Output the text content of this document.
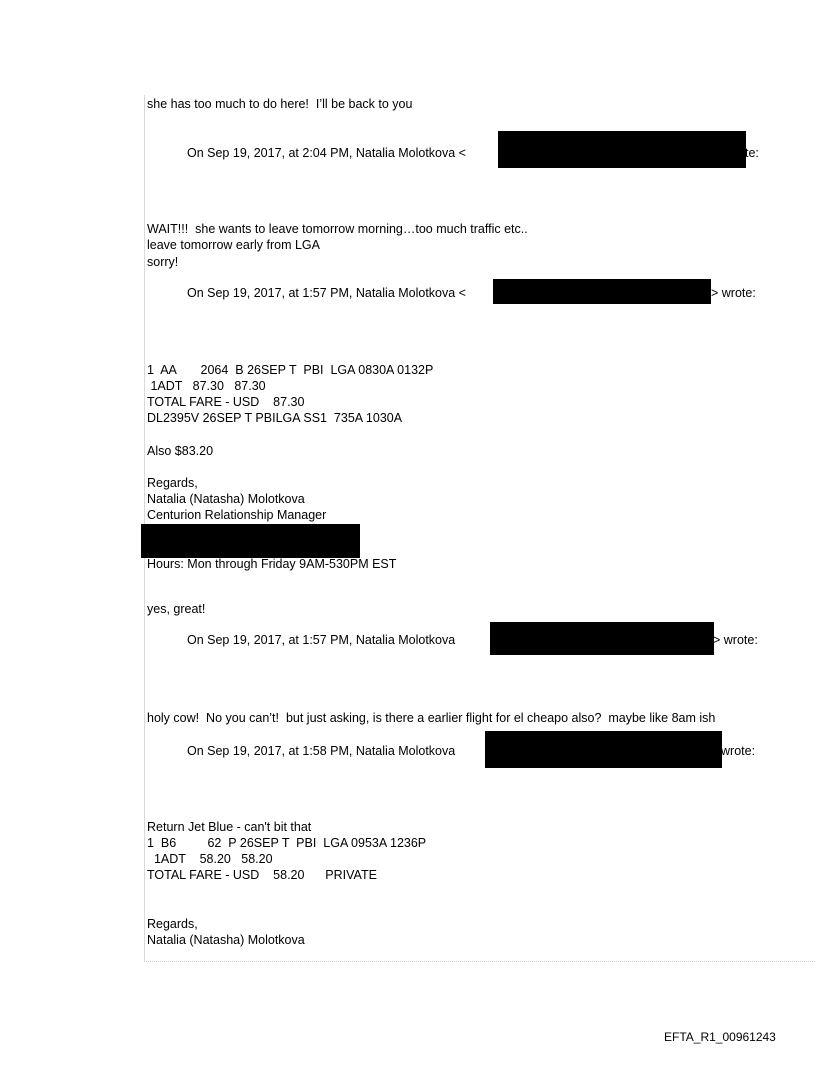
she has too much to do here!  I’ll be back to you
On Sep 19, 2017, at 2:04 PM, Natalia Molotkova <	te:
WAIT!!!  she wants to leave tomorrow morning…too much traffic etc..
leave tomorrow early from LGA
sorry!
On Sep 19, 2017, at 1:57 PM, Natalia Molotkova <	> wrote:
1  AA       2064  B 26SEP T  PBI  LGA 0830A 0132P
1ADT   87.30   87.30
TOTAL FARE - USD    87.30
DL2395V 26SEP T PBILGA SS1  735A 1030A
Also $83.20
Regards,
Natalia (Natasha) Molotkova
Centurion Relationship Manager
Hours: Mon through Friday 9AM-530PM EST
yes, great!
On Sep 19, 2017, at 1:57 PM, Natalia Molotkova	> wrote:
holy cow!  No you can’t!  but just asking, is there a earlier flight for el cheapo also?  maybe like 8am ish
On Sep 19, 2017, at 1:58 PM, Natalia Molotkova	wrote:
Return Jet Blue - can't bit that
1  B6         62  P 26SEP T  PBI  LGA 0953A 1236P
1ADT    58.20   58.20
TOTAL FARE - USD    58.20      PRIVATE
Regards,
Natalia (Natasha) Molotkova
EFTA_R1_00961243
